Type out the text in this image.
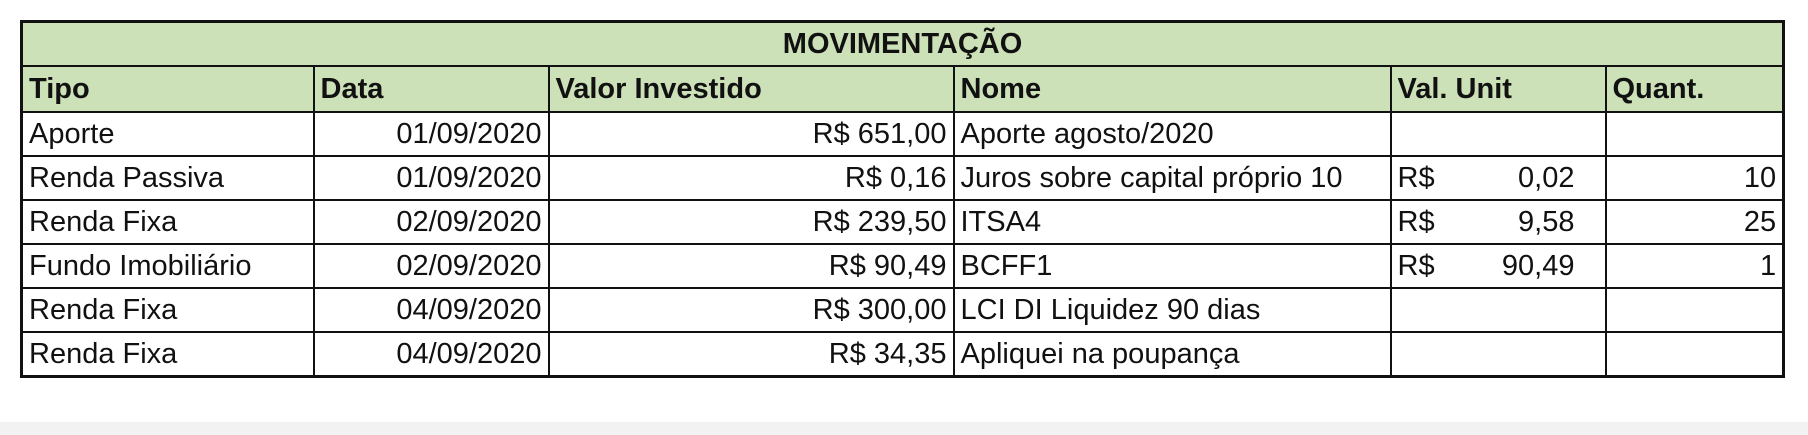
MOVIMENTAÇÃO					
Tipo	Data	Valor Investido	Nome	Val. Unit	Quant.
Aporte	01/09/2020	R$ 651,00	Aporte agosto/2020	

Renda Passiva	01/09/2020	R$ 0,16	Juros sobre capital próprio 10	R$ 0,02	10
Renda Fixa	02/09/2020	R$ 239,50	ITSA4	R$ 9,58	25
Fundo Imobiliário	02/09/2020	R$ 90,49	BCFF1	R$ 90,49	1
Renda Fixa	04/09/2020	R$ 300,00	LCI DI Liquidez 90 dias	

Renda Fixa	04/09/2020	R$ 34,35	Apliquei na poupança	
